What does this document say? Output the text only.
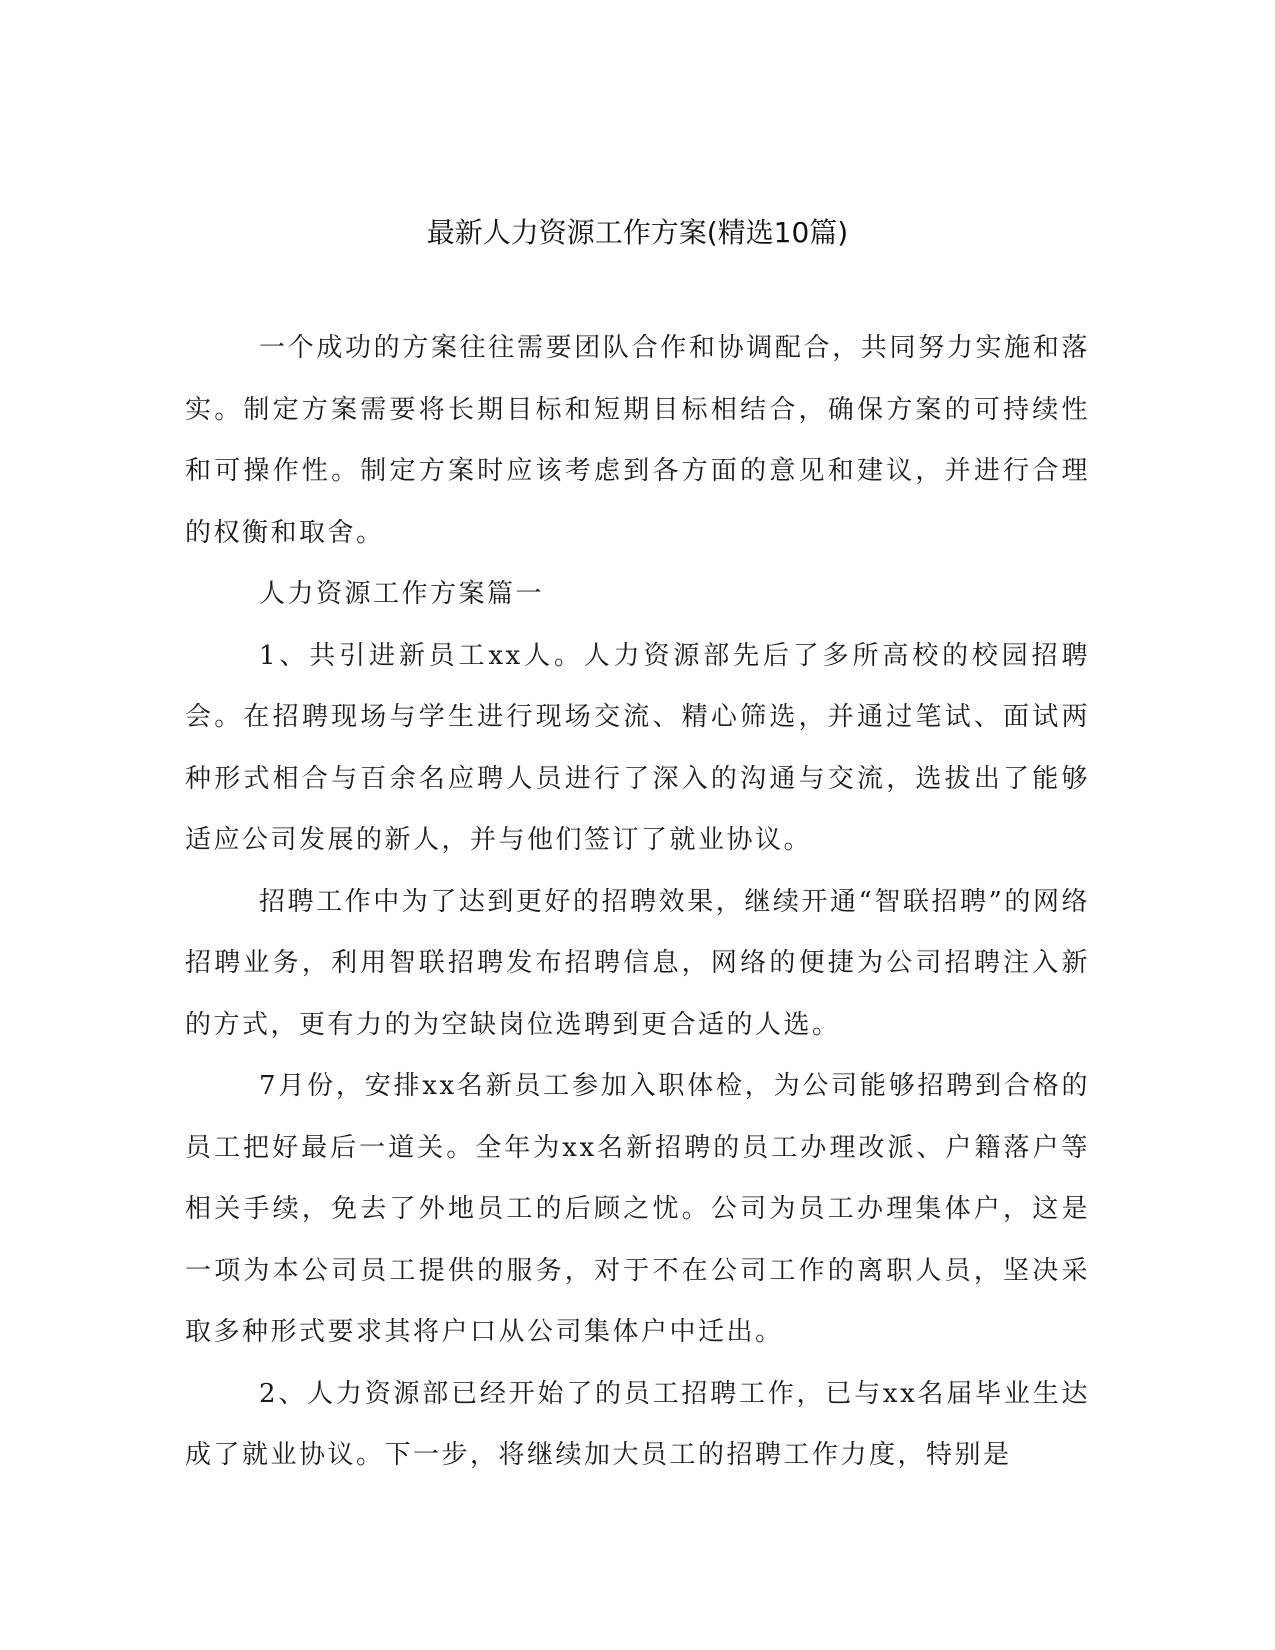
最新人力资源工作方案(精选10篇)

一个成功的方案往往需要团队合作和协调配合，共同努力实施和落实。制定方案需要将长期目标和短期目标相结合，确保方案的可持续性和可操作性。制定方案时应该考虑到各方面的意见和建议，并进行合理的权衡和取舍。

人力资源工作方案篇一

1、共引进新员工xx人。人力资源部先后了多所高校的校园招聘会。在招聘现场与学生进行现场交流、精心筛选，并通过笔试、面试两种形式相合与百余名应聘人员进行了深入的沟通与交流，选拔出了能够适应公司发展的新人，并与他们签订了就业协议。

招聘工作中为了达到更好的招聘效果，继续开通“智联招聘”的网络招聘业务，利用智联招聘发布招聘信息，网络的便捷为公司招聘注入新的方式，更有力的为空缺岗位选聘到更合适的人选。

7月份，安排xx名新员工参加入职体检，为公司能够招聘到合格的员工把好最后一道关。全年为xx名新招聘的员工办理改派、户籍落户等相关手续，免去了外地员工的后顾之忧。公司为员工办理集体户，这是一项为本公司员工提供的服务，对于不在公司工作的离职人员，坚决采取多种形式要求其将户口从公司集体户中迁出。

2、人力资源部已经开始了的员工招聘工作，已与xx名届毕业生达成了就业协议。下一步，将继续加大员工的招聘工作力度，特别是
